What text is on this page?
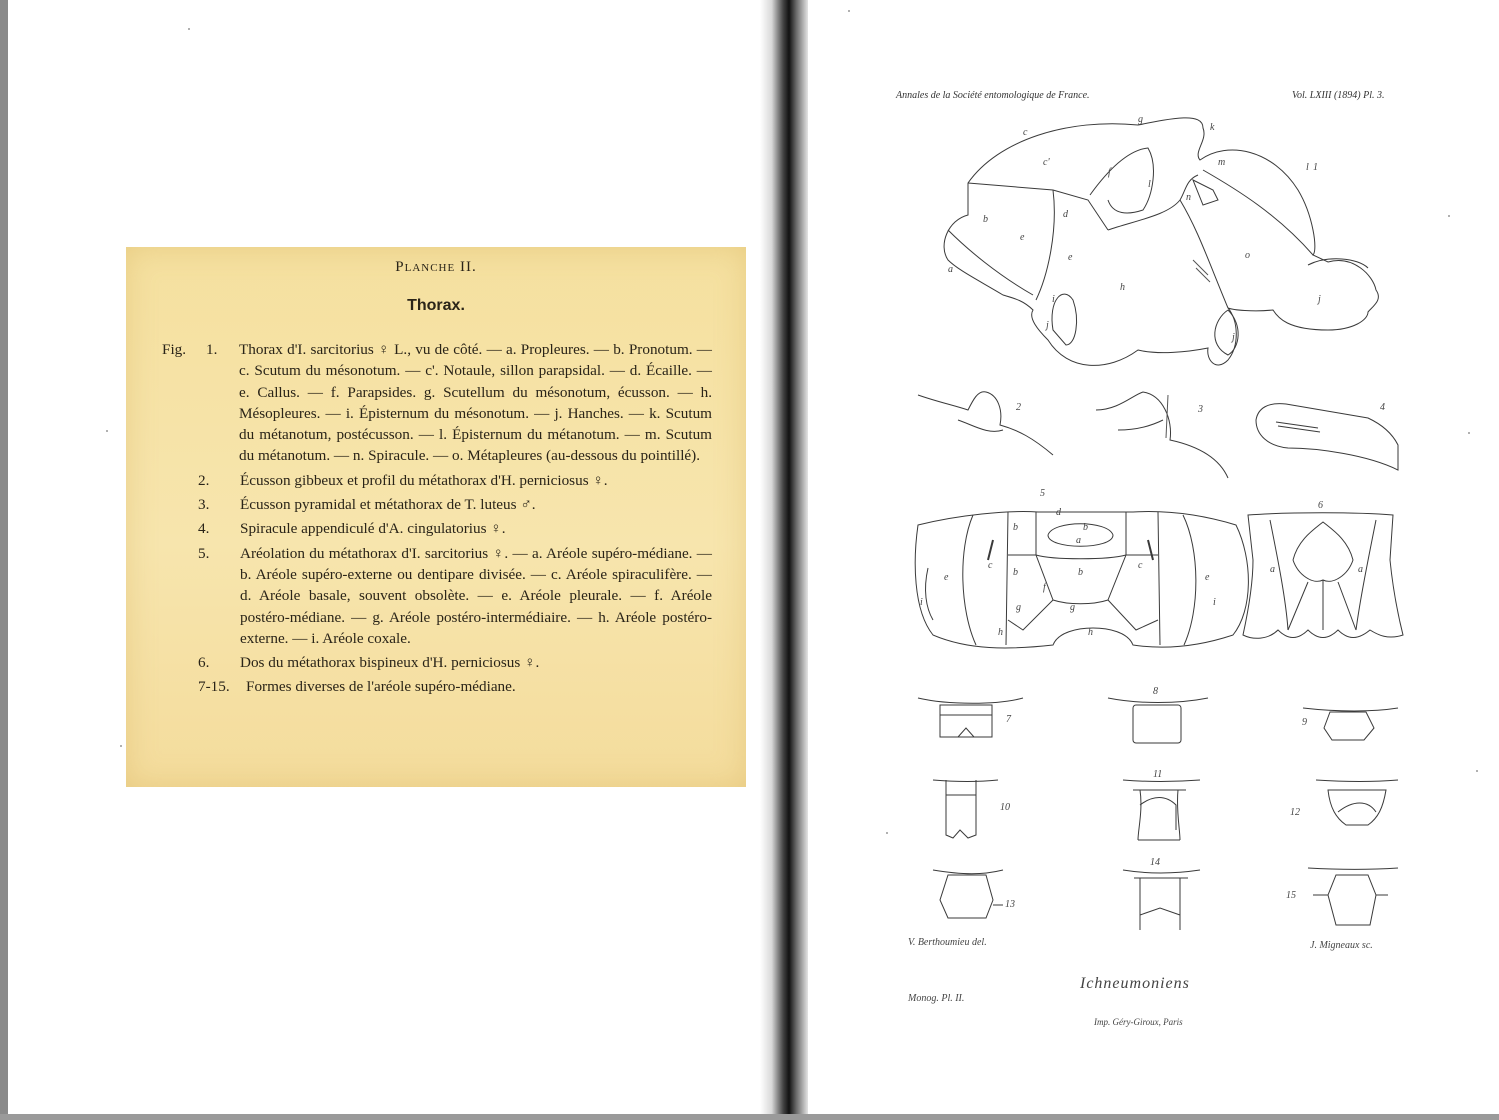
Planche II.
Thorax.
Fig. 1. Thorax d'I. sarcitorius ♀ L., vu de côté. — a. Propleures. — b. Pronotum. — c. Scutum du mésonotum. — c'. Notaule, sillon parapsidal. — d. Écaille. — e. Callus. — f. Parapsides. g. Scutellum du mésonotum, écusson. — h. Mésopleures. — i. Épisternum du mésonotum. — j. Hanches. — k. Scutum du métanotum, postécusson. — l. Épisternum du métanotum. — m. Scutum du métanotum. — n. Spiracule. — o. Métapleures (au-dessous du pointillé).
2. Écusson gibbeux et profil du métathorax d'H. perniciosus ♀.
3. Écusson pyramidal et métathorax de T. luteus ♂.
4. Spiracule appendiculé d'A. cingulatorius ♀.
5. Aréolation du métathorax d'I. sarcitorius ♀. — a. Aréole supéro-médiane. — b. Aréole supéro-externe ou dentipare divisée. — c. Aréole spiraculifère. — d. Aréole basale, souvent obsolète. — e. Aréole pleurale. — f. Aréole postéro-médiane. — g. Aréole postéro-intermédiaire. — h. Aréole postéro-externe. — i. Aréole coxale.
6. Dos du métathorax bispineux d'H. perniciosus ♀.
7-15. Formes diverses de l'aréole supéro-médiane.
Annales de la Société entomologique de France.	Vol. LXIII (1894) Pl. 3.
c
g
k
l
m
c'
f
l
b
e
d
e
h
o
n
a
i
j
j
j
1
2	3	4
5
d
a
b	b
b	b
c	c
e	e
f
g	g
h	h
i	i
6
a	a
7
8
9
10
11
12
13
14
15
V. Berthoumieu del.	J. Migneaux sc.
Ichneumoniens
Monog. Pl. II.
Imp. Géry-Giroux, Paris
